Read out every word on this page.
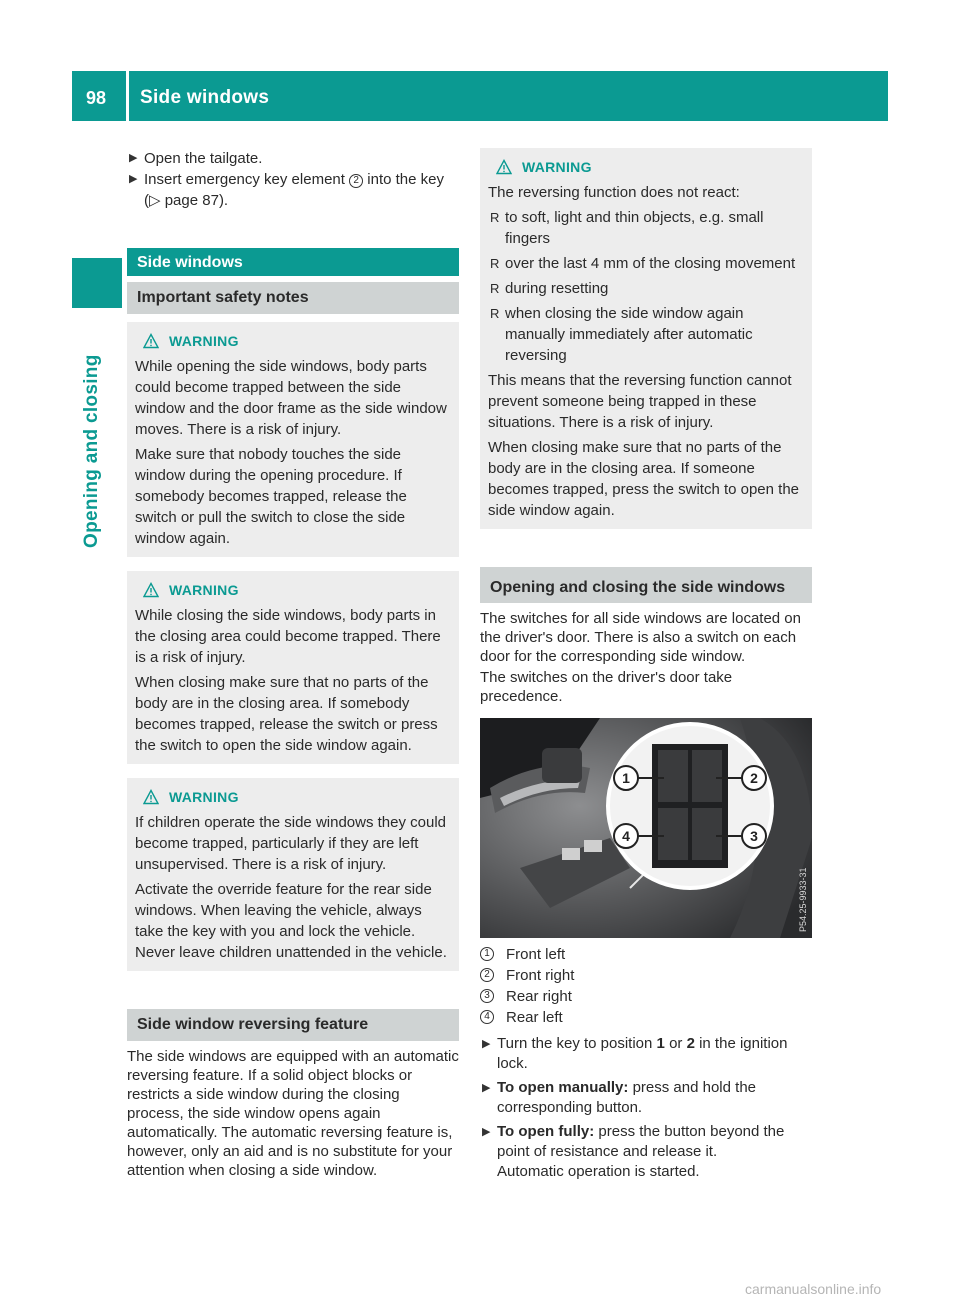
98 Side windows
Opening and closing
▶ Open the tailgate.
▶ Insert emergency key element 2 into the key
(▷ page 87).
Side windows
Important safety notes
WARNING

While opening the side windows, body parts could become trapped between the side window and the door frame as the side window moves. There is a risk of injury.

Make sure that nobody touches the side window during the opening procedure. If somebody becomes trapped, release the switch or pull the switch to close the side window again.

WARNING

While closing the side windows, body parts in the closing area could become trapped. There is a risk of injury.

When closing make sure that no parts of the body are in the closing area. If somebody becomes trapped, release the switch or press the switch to open the side window again.

WARNING

If children operate the side windows they could become trapped, particularly if they are left unsupervised. There is a risk of injury.

Activate the override feature for the rear side windows. When leaving the vehicle, always take the key with you and lock the vehicle. Never leave children unattended in the vehicle.

Side window reversing feature

The side windows are equipped with an automatic reversing feature. If a solid object blocks or restricts a side window during the closing process, the side window opens again automatically. The automatic reversing feature is, however, only an aid and is no substitute for your attention when closing a side window.

WARNING

The reversing function does not react:

R to soft, light and thin objects, e.g. small fingers
R over the last 4 mm of the closing movement
R during resetting
R when closing the side window again manually immediately after automatic reversing

This means that the reversing function cannot prevent someone being trapped in these situations. There is a risk of injury.

When closing make sure that no parts of the body are in the closing area. If someone becomes trapped, press the switch to open the side window again.

Opening and closing the side windows

The switches for all side windows are located on the driver's door. There is also a switch on each door for the corresponding side window.

The switches on the driver's door take precedence.

1	2
3
4
P54.25-9933-31
1 Front left
2 Front right
3 Rear right
4 Rear left
▶ Turn the key to position 1 or 2 in the ignition lock.
▶ To open manually: press and hold the corresponding button.
▶ To open fully: press the button beyond the point of resistance and release it.
Automatic operation is started.
carmanualsonline.info
